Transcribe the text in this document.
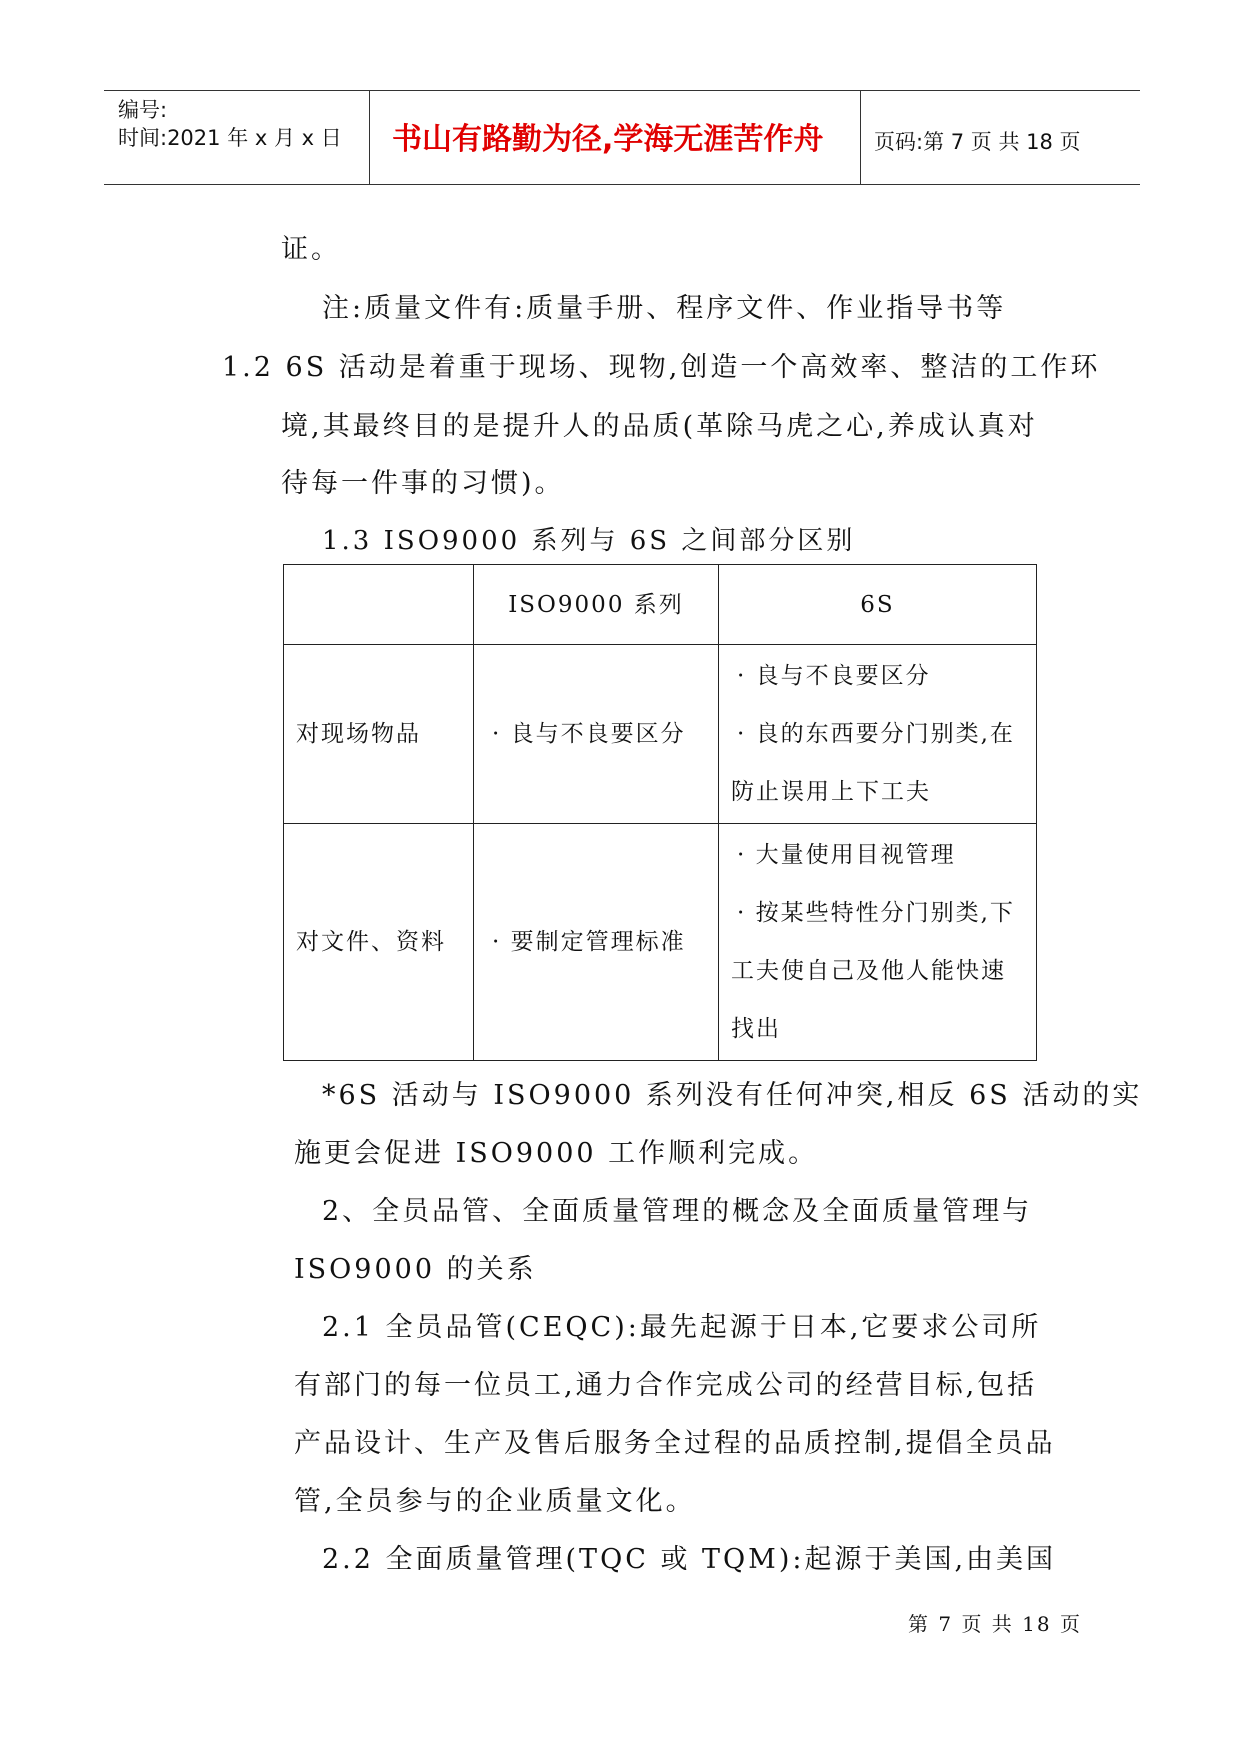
编号:
时间:2021 年 x 月 x 日 书山有路勤为径,学海无涯苦作舟 页码:第 7 页 共 18 页
证。
注:质量文件有:质量手册、程序文件、作业指导书等
1.2 6S 活动是着重于现场、现物,创造一个高效率、整洁的工作环
境,其最终目的是提升人的品质(革除马虎之心,养成认真对
待每一件事的习惯)。
1.3 ISO9000 系列与 6S 之间部分区别
	ISO9000 系列	6S
对现场物品	· 良与不良要区分	· 良与不良要区分
· 良的东西要分门别类,在
防止误用上下工夫

对文件、资料	· 要制定管理标准	· 大量使用目视管理
· 按某些特性分门别类,下
工夫使自己及他人能快速
找出
*6S 活动与 ISO9000 系列没有任何冲突,相反 6S 活动的实
施更会促进 ISO9000 工作顺利完成。
2、全员品管、全面质量管理的概念及全面质量管理与
ISO9000 的关系
2.1 全员品管(CEQC):最先起源于日本,它要求公司所
有部门的每一位员工,通力合作完成公司的经营目标,包括
产品设计、生产及售后服务全过程的品质控制,提倡全员品
管,全员参与的企业质量文化。
2.2 全面质量管理(TQC 或 TQM):起源于美国,由美国
第 7 页 共 18 页
